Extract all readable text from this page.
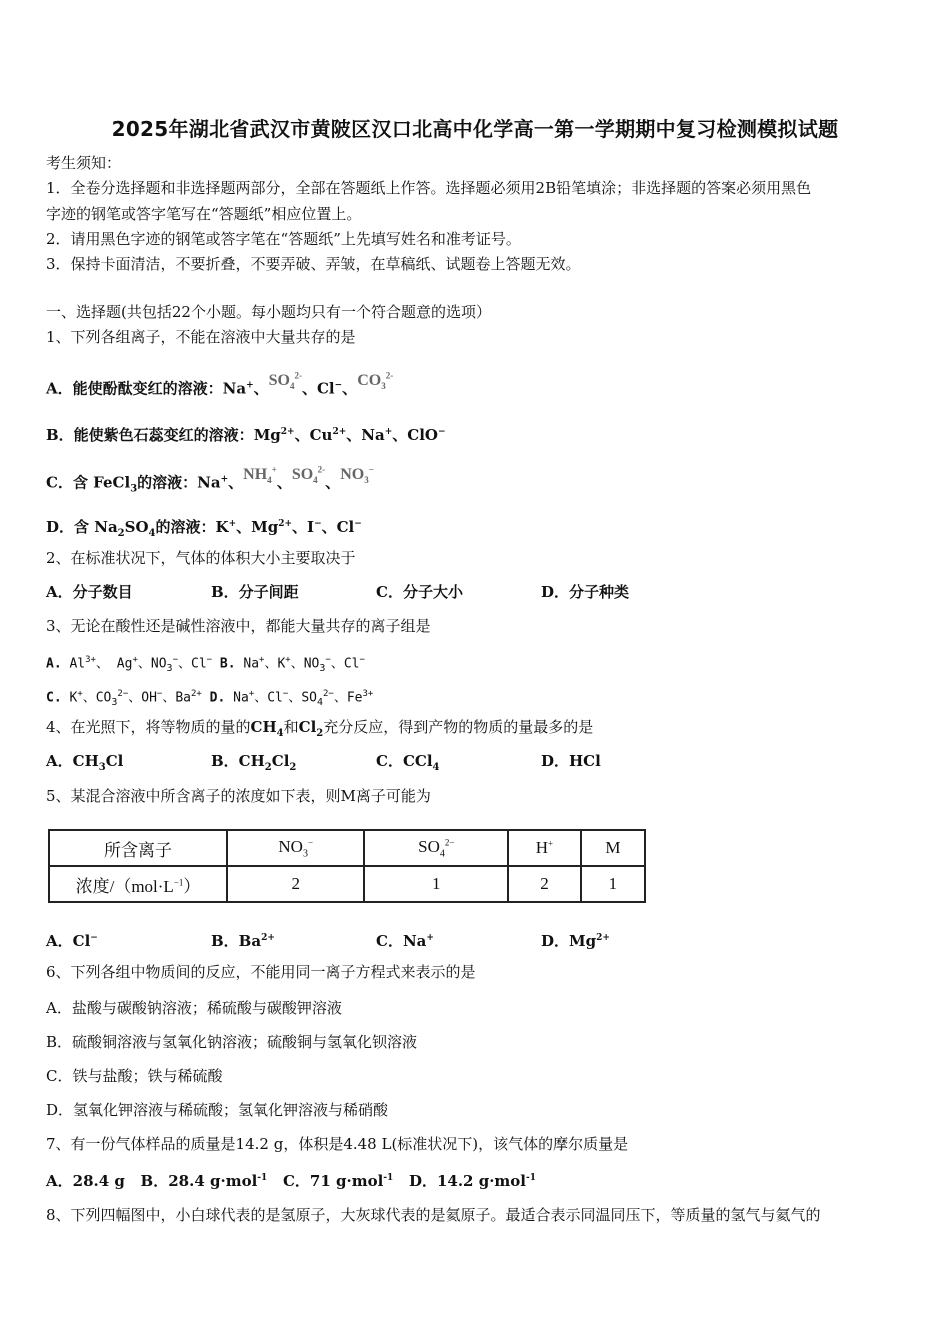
2025年湖北省武汉市黄陂区汉口北高中化学高一第一学期期中复习检测模拟试题
考生须知：
1．全卷分选择题和非选择题两部分，全部在答题纸上作答。选择题必须用2B铅笔填涂；非选择题的答案必须用黑色
字迹的钢笔或答字笔写在“答题纸”相应位置上。
2．请用黑色字迹的钢笔或答字笔在“答题纸”上先填写姓名和准考证号。
3．保持卡面清洁，不要折叠，不要弄破、弄皱，在草稿纸、试题卷上答题无效。
一、选择题(共包括22个小题。每小题均只有一个符合题意的选项）
1、下列各组离子，不能在溶液中大量共存的是
A．能使酚酞变红的溶液：Na+、$SO_4^{2-}$、Cl−、$CO_3^{2-}$
B．能使紫色石蕊变红的溶液：$Mg^{2+}$、$Cu^{2+}$、Na+、ClO−
C．含 FeCl$_3$的溶液：Na+、$NH_4^+$、$SO_4^{2-}$、$NO_3^-$
D．含 $Na_2SO_4$的溶液：K+、$Mg^{2+}$、I−、Cl−
2、在标准状况下，气体的体积大小主要取决于
A．分子数目	B．分子间距	C．分子大小	D．分子种类
3、无论在酸性还是碱性溶液中，都能大量共存的离子组是
A. $Al^{3+}$、 Ag+、$NO_3^-$、Cl− B. Na+、K+、$NO_3^-$、Cl−
C. K+、$CO_3^{2-}$、OH−、$Ba^{2+}$ D. Na+、Cl−、$SO_4^{2-}$、$Fe^{3+}$
4、在光照下，将等物质的量的$CH_4$和$Cl_2$充分反应，得到产物的物质的量最多的是
A．$CH_3Cl$	B．$CH_2Cl_2$	C．CCl$_4$	D．HCl
5、某混合溶液中所含离子的浓度如下表，则M离子可能为
所含离子	$NO_3^-$	$SO_4^{2-}$	H+	M
浓度$/(mol\cdot L^{-1})$	2	1	2	1
A．Cl−	B．$Ba^{2+}$	C．Na+	D．$Mg^{2+}$
6、下列各组中物质间的反应，不能用同一离子方程式来表示的是
A．盐酸与碳酸钠溶液；稀硫酸与碳酸钾溶液
B．硫酸铜溶液与氢氧化钠溶液；硫酸铜与氢氧化钡溶液
C．铁与盐酸；铁与稀硫酸
D．氢氧化钾溶液与稀硫酸；氢氧化钾溶液与稀硝酸
7、有一份气体样品的质量是14.2 g，体积是4.48 L(标准状况下)，该气体的摩尔质量是
A．28.4 g   B．28.4 g·mol$^{-1}$   C．71 g·mol$^{-1}$   D．14.2 g·mol$^{-1}$
8、下列四幅图中，小白球代表的是氢原子，大灰球代表的是氦原子。最适合表示同温同压下，等质量的氢气与氦气的
